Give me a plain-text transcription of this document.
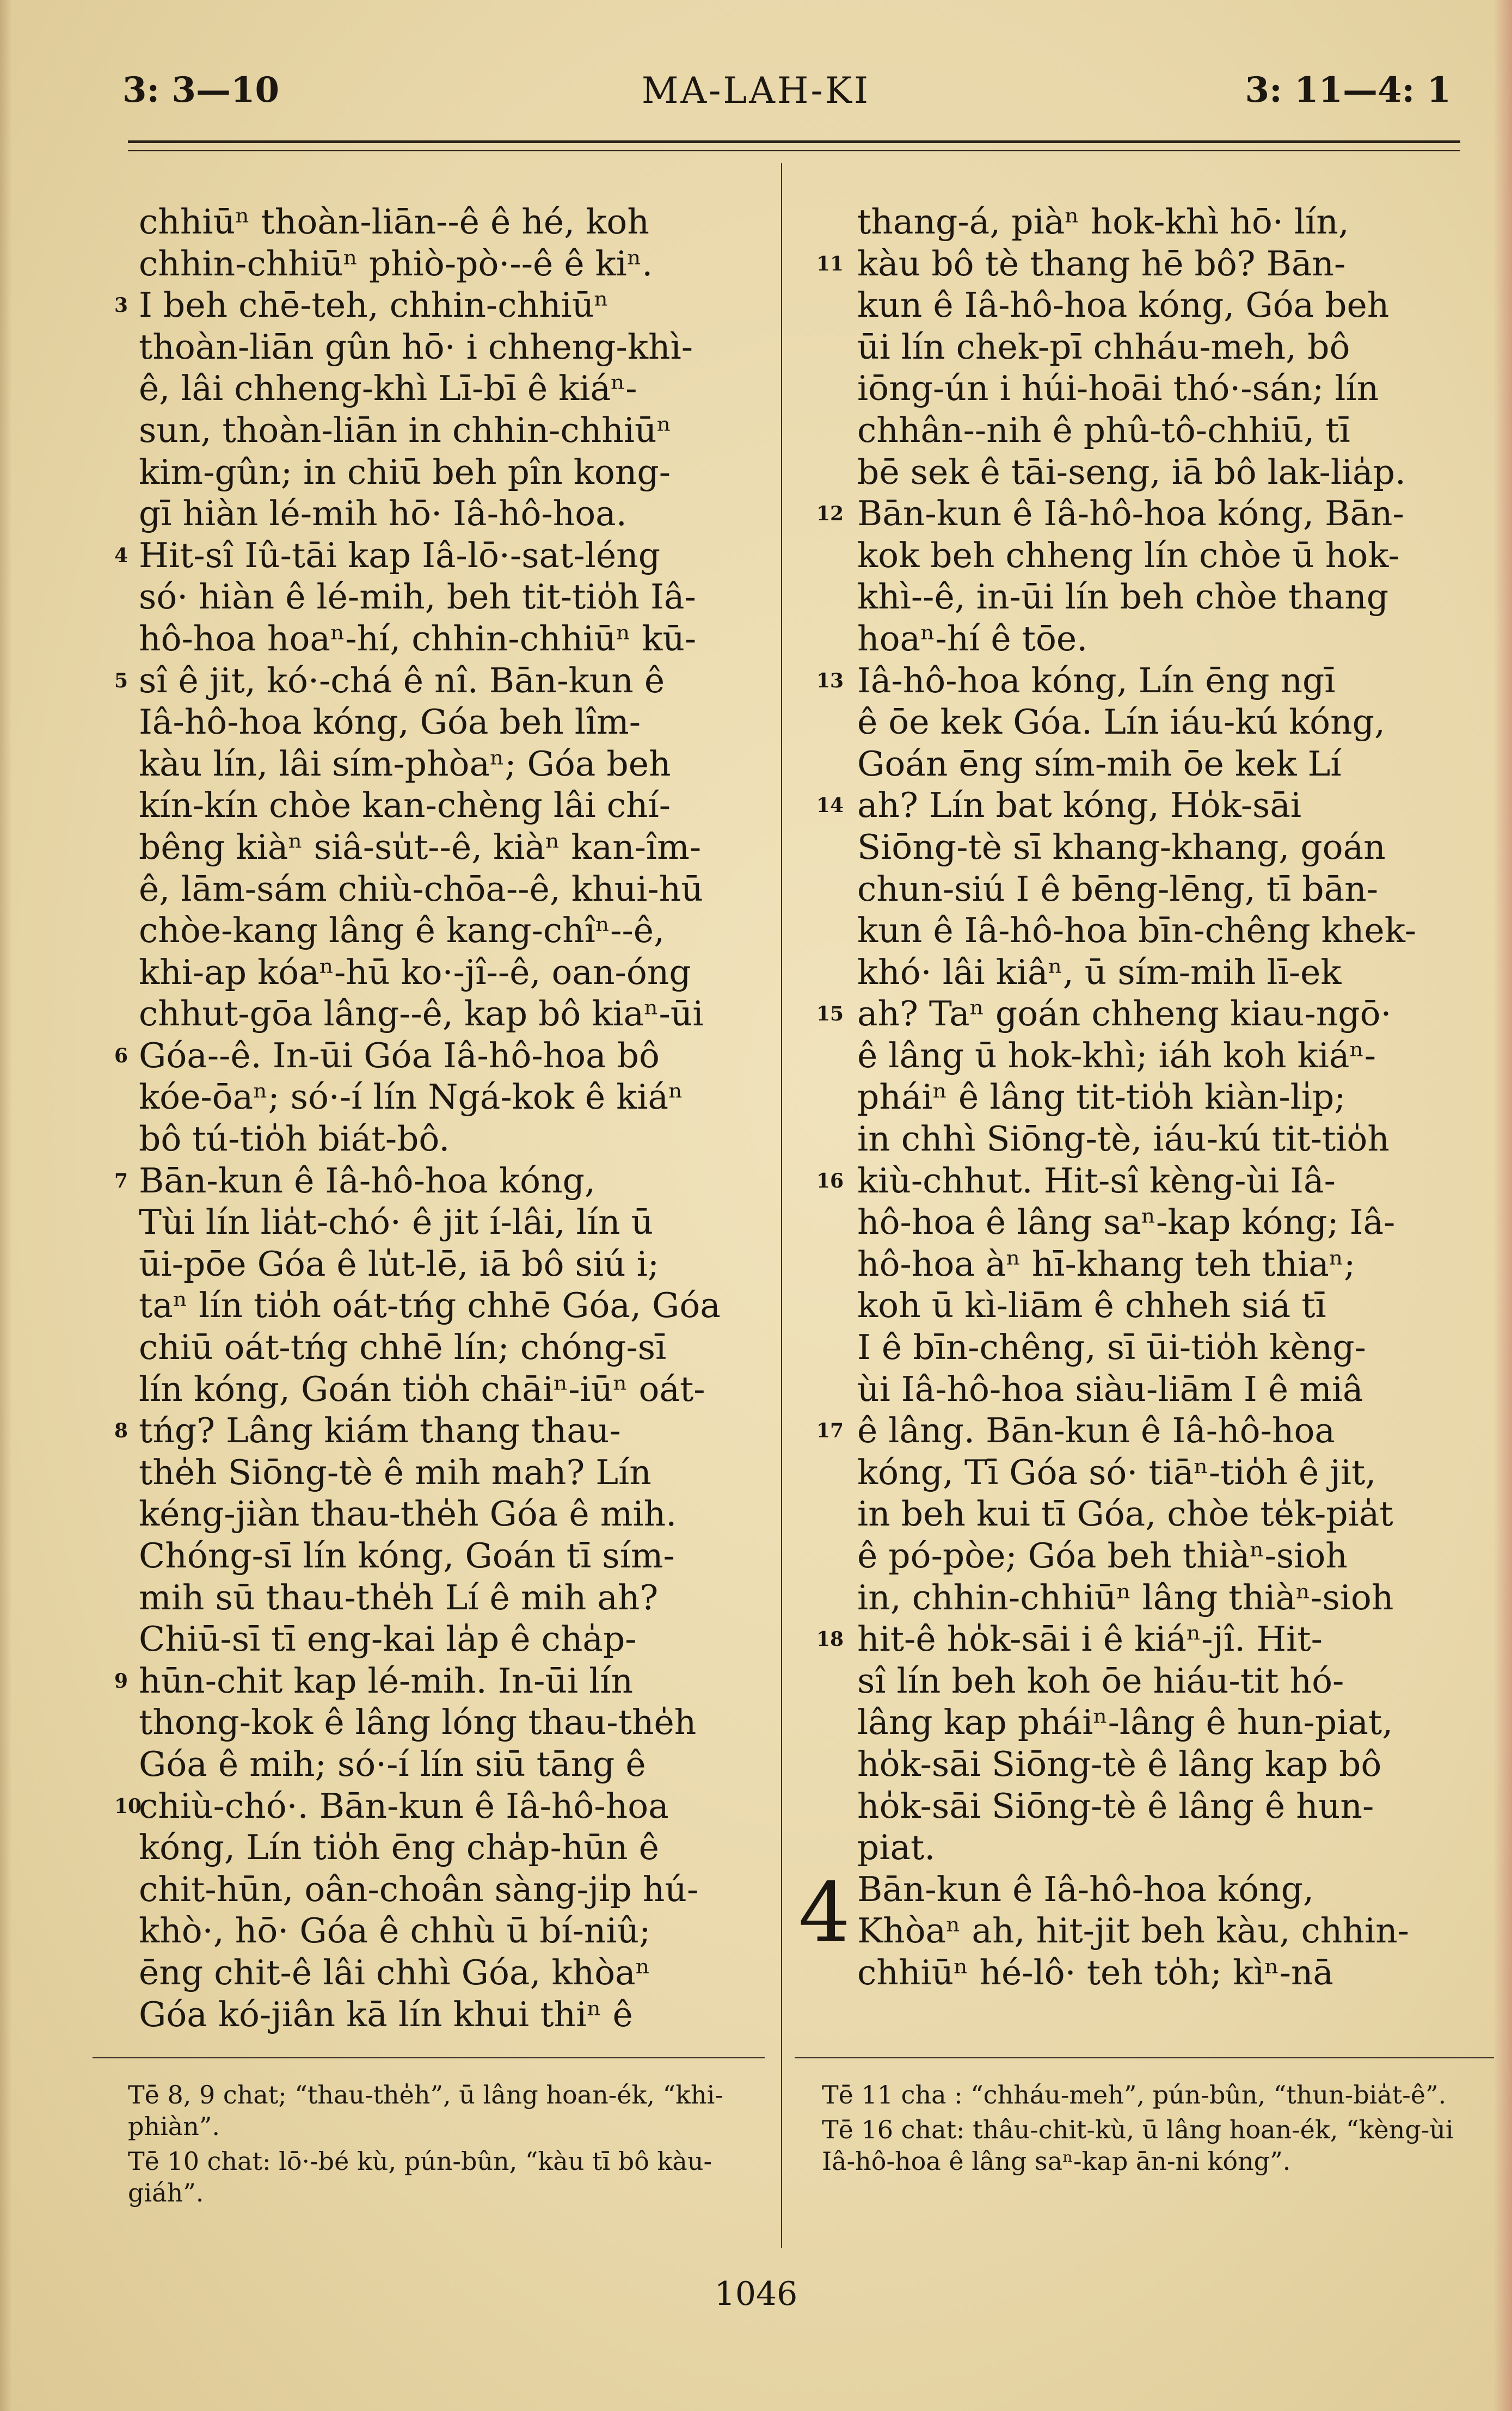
3: 3—10	MA-LAH-KI	3: 11—4: 1
chhiūⁿ thoàn-liān--ê ê hé, koh
chhin-chhiūⁿ phiò-pò·--ê ê kiⁿ.
I beh chē-teh, chhin-chhiūⁿ
thoàn-liān gûn hō· i chheng-khì-
ê, lâi chheng-khì Lī-bī ê kiáⁿ-
sun, thoàn-liān in chhin-chhiūⁿ
kim-gûn; in chiū beh pîn kong-
gī hiàn lé-mih hō· Iâ-hô-hoa.
Hit-sî Iû-tāi kap Iâ-lō·-sat-léng
só· hiàn ê lé-mih, beh tit-tio̍h Iâ-
hô-hoa hoaⁿ-hí, chhin-chhiūⁿ kū-
sî ê jit, kó·-chá ê nî. Bān-kun ê
Iâ-hô-hoa kóng, Góa beh lîm-
kàu lín, lâi sím-phòaⁿ; Góa beh
kín-kín chòe kan-chèng lâi chí-
bêng kiàⁿ siâ-su̍t--ê, kiàⁿ kan-îm-
ê, lām-sám chiù-chōa--ê, khui-hū
chòe-kang lâng ê kang-chîⁿ--ê,
khi-ap kóaⁿ-hū ko·-jî--ê, oan-óng
chhut-gōa lâng--ê, kap bô kiaⁿ-ūi
Góa--ê. In-ūi Góa Iâ-hô-hoa bô
kóe-ōaⁿ; só·-í lín Ngá-kok ê kiáⁿ
bô tú-tio̍h biát-bô.
Bān-kun ê Iâ-hô-hoa kóng,
Tùi lín lia̍t-chó· ê jit í-lâi, lín ū
ūi-pōe Góa ê lu̍t-lē, iā bô siú i;
taⁿ lín tio̍h oát-tńg chhē Góa, Góa
chiū oát-tńg chhē lín; chóng-sī
lín kóng, Goán tio̍h chāiⁿ-iūⁿ oát-
tńg? Lâng kiám thang thau-
the̍h Siōng-tè ê mih mah? Lín
kéng-jiàn thau-the̍h Góa ê mih.
Chóng-sī lín kóng, Goán tī sím-
mih sū thau-the̍h Lí ê mih ah?
Chiū-sī tī eng-kai la̍p ê cha̍p-
hūn-chit kap lé-mih. In-ūi lín
thong-kok ê lâng lóng thau-the̍h
Góa ê mih; só·-í lín siū tāng ê
chiù-chó·. Bān-kun ê Iâ-hô-hoa
kóng, Lín tio̍h ēng cha̍p-hūn ê
chit-hūn, oân-choân sàng-ji̍p hú-
khò·, hō· Góa ê chhù ū bí-niû;
ēng chit-ê lâi chhì Góa, khòaⁿ
Góa kó-jiân kā lín khui thiⁿ ê
3
4
5
6
7
8
9
10
thang-á, piàⁿ hok-khì hō· lín,
kàu bô tè thang hē bô? Bān-
kun ê Iâ-hô-hoa kóng, Góa beh
ūi lín chek-pī chháu-meh, bô
iōng-ún i húi-hoāi thó·-sán; lín
chhân--nih ê phû-tô-chhiū, tī
bē sek ê tāi-seng, iā bô lak-lia̍p.
Bān-kun ê Iâ-hô-hoa kóng, Bān-
kok beh chheng lín chòe ū hok-
khì--ê, in-ūi lín beh chòe thang
hoaⁿ-hí ê tōe.
Iâ-hô-hoa kóng, Lín ēng ngī
ê ōe kek Góa. Lín iáu-kú kóng,
Goán ēng sím-mih ōe kek Lí
ah? Lín bat kóng, Ho̍k-sāi
Siōng-tè sī khang-khang, goán
chun-siú I ê bēng-lēng, tī bān-
kun ê Iâ-hô-hoa bīn-chêng khek-
khó· lâi kiâⁿ, ū sím-mih lī-ek
ah? Taⁿ goán chheng kiau-ngō·
ê lâng ū hok-khì; iáh koh kiáⁿ-
pháiⁿ ê lâng tit-tio̍h kiàn-li̍p;
in chhì Siōng-tè, iáu-kú tit-tio̍h
kiù-chhut. Hit-sî kèng-ùi Iâ-
hô-hoa ê lâng saⁿ-kap kóng; Iâ-
hô-hoa àⁿ hī-khang teh thiaⁿ;
koh ū kì-liām ê chheh siá tī
I ê bīn-chêng, sī ūi-tio̍h kèng-
ùi Iâ-hô-hoa siàu-liām I ê miâ
ê lâng. Bān-kun ê Iâ-hô-hoa
kóng, Tī Góa só· tiāⁿ-tio̍h ê jit,
in beh kui tī Góa, chòe te̍k-pia̍t
ê pó-pòe; Góa beh thiàⁿ-sioh
in, chhin-chhiūⁿ lâng thiàⁿ-sioh
hit-ê ho̍k-sāi i ê kiáⁿ-jî. Hit-
sî lín beh koh ōe hiáu-tit hó-
lâng kap pháiⁿ-lâng ê hun-piat,
ho̍k-sāi Siōng-tè ê lâng kap bô
ho̍k-sāi Siōng-tè ê lâng ê hun-
piat.
Bān-kun ê Iâ-hô-hoa kóng,
Khòaⁿ ah, hit-jit beh kàu, chhin-
chhiūⁿ hé-lô· teh to̍h; kìⁿ-nā
11
12
13
14
15
16
17
18
4

Tē 8, 9 chat; “thau-the̍h”, ū lâng hoan-ék, “khi-phiàn”.

Tē 10 chat: lō·-bé kù, pún-bûn, “kàu tī bô kàu-giáh”.

Tē 11 cha : “chháu-meh”, pún-bûn, “thun-bia̍t-ê”.

Tē 16 chat: thâu-chit-kù, ū lâng hoan-ék, “kèng-ùi Iâ-hô-hoa ê lâng saⁿ-kap ān-ni kóng”.

1046
